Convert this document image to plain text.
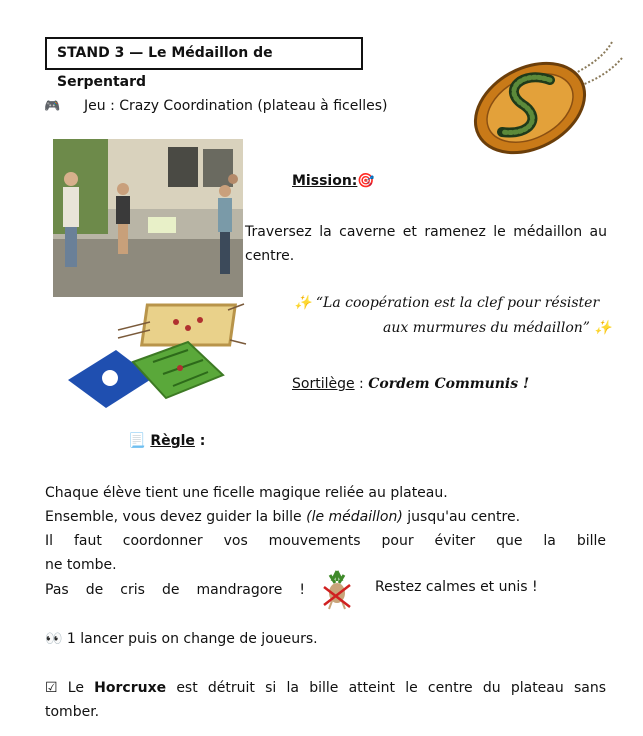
STAND 3 — Le Médaillon de Serpentard
🎮 Jeu : Crazy Coordination (plateau à ficelles)
Mission:🎯
Traversez la caverne et ramenez le médaillon au centre.
✨ “La coopération est la clef pour résister
aux murmures du médaillon” ✨
Sortilège : Cordem Communis !
📃 Règle :
Chaque élève tient une ficelle magique reliée au plateau.
Ensemble, vous devez guider la bille (le médaillon) jusqu'au centre.
Il faut coordonner vos mouvements pour éviter que la bille
ne tombe.
Pas de cris de mandragore !	Restez calmes et unis !
👀 1 lancer puis on change de joueurs.
☑ Le Horcruxe est détruit si la bille atteint le centre du plateau sans
tomber.
